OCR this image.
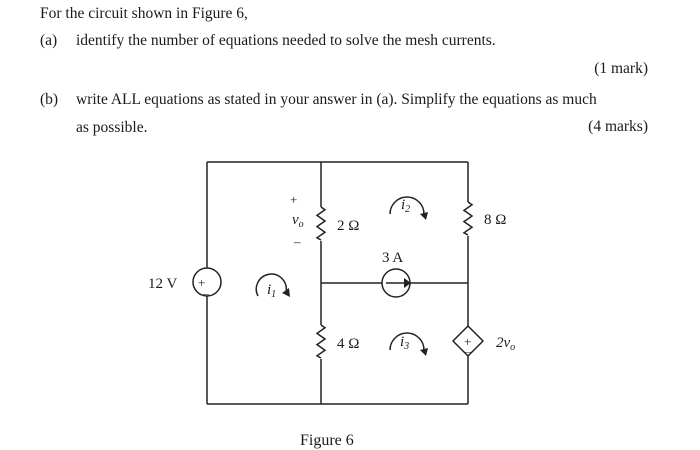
For the circuit shown in Figure 6,
(a) identify the number of equations needed to solve the mesh currents.
(1 mark)
(b) write ALL equations as stated in your answer in (a). Simplify the equations as much
as possible.	(4 marks)
+
–
12 V
2 Ω
4 Ω
8 Ω
3 A
+
$v_o$
–
+
–
$2v_o$
$i_1$
$i_2$
$i_3$
Figure 6
